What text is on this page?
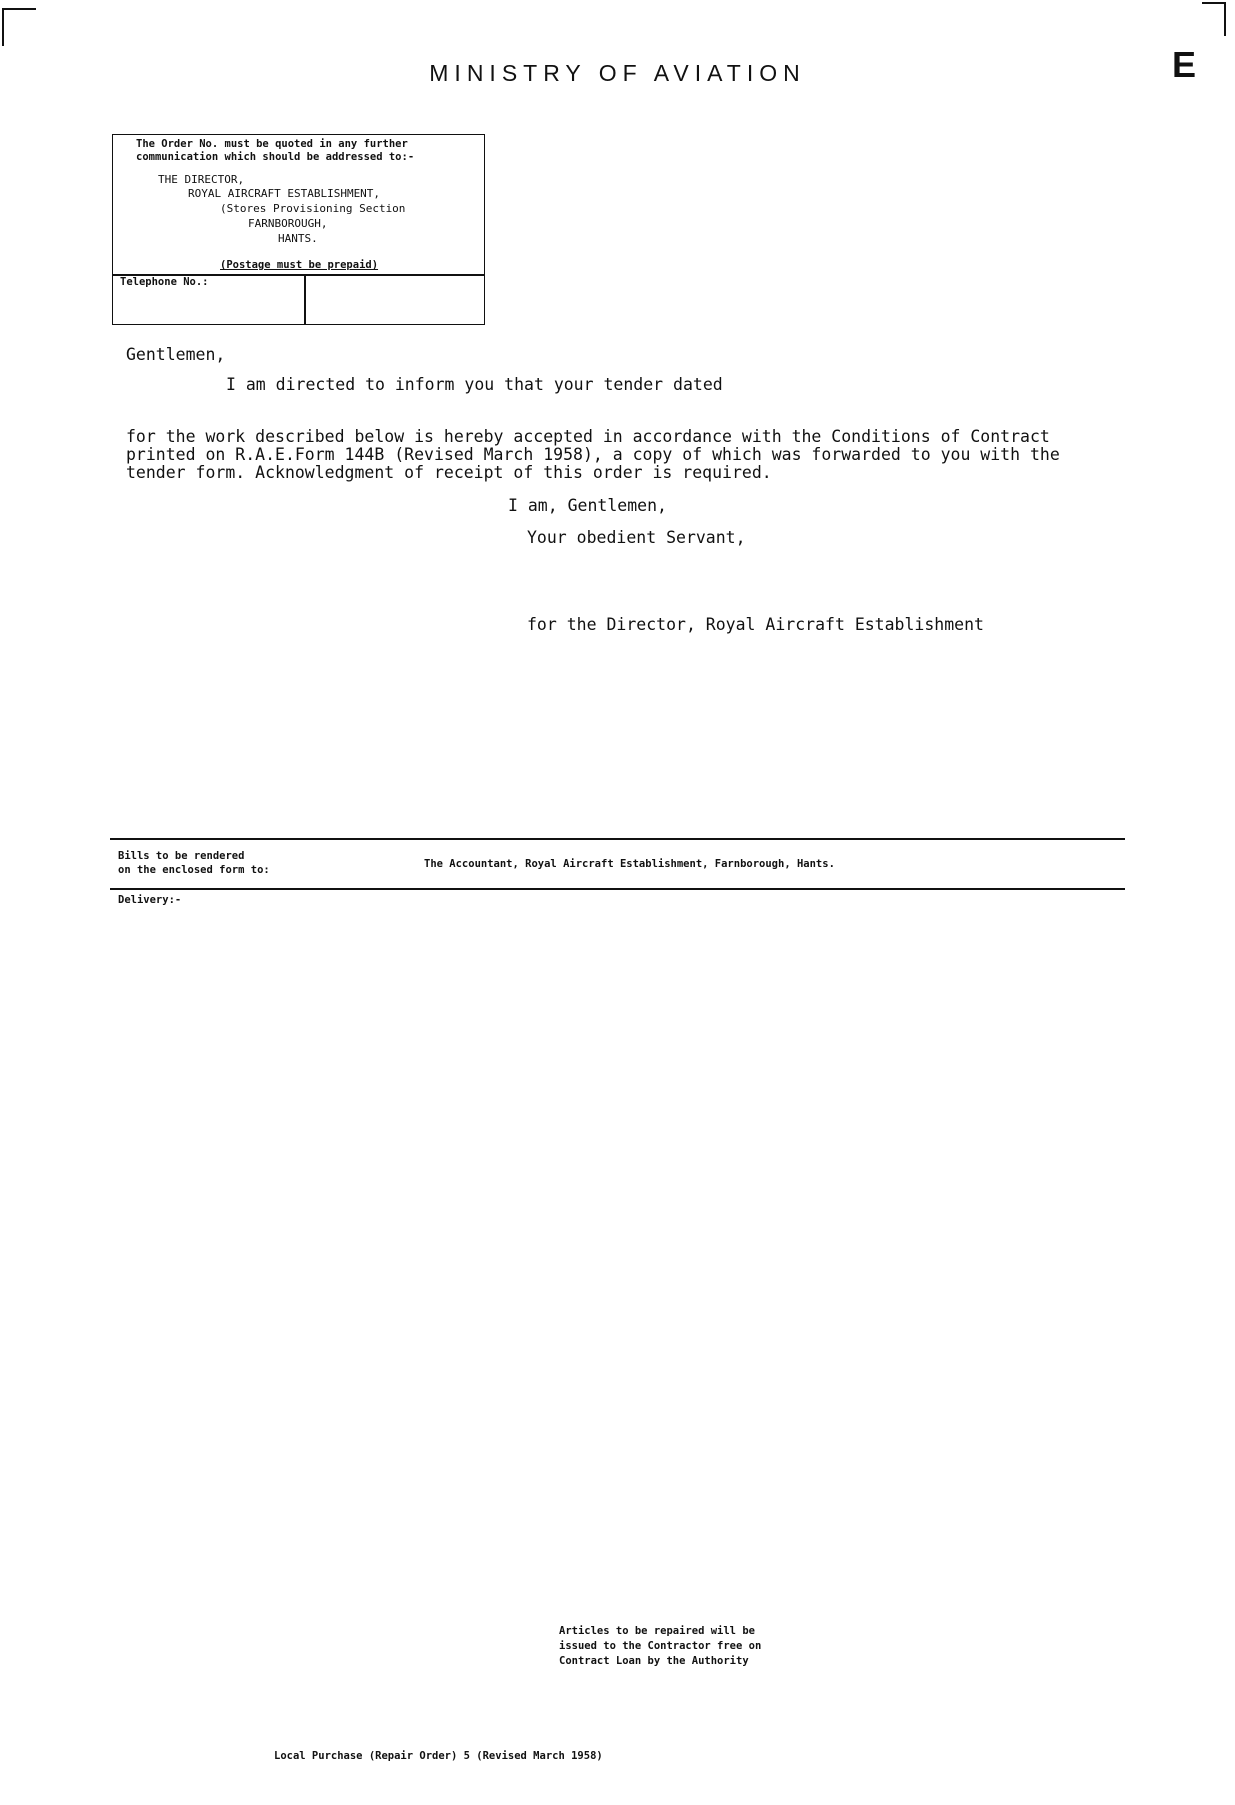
E
MINISTRY OF AVIATION
The Order No. must be quoted in any further
communication which should be addressed to:-
THE DIRECTOR,
ROYAL AIRCRAFT ESTABLISHMENT,
(Stores Provisioning Section
FARNBOROUGH,
HANTS.
(Postage must be prepaid)
Telephone No.:
Gentlemen,
I am directed to inform you that your tender dated
for the work described below is hereby accepted in accordance with the Conditions of Contract
printed on R.A.E.Form 144B (Revised March 1958), a copy of which was forwarded to you with the
tender form. Acknowledgment of receipt of this order is required.
I am, Gentlemen,
Your obedient Servant,
for the Director, Royal Aircraft Establishment
Bills to be rendered
on the enclosed form to:	The Accountant, Royal Aircraft Establishment, Farnborough, Hants.
Delivery:-
Articles to be repaired will be
issued to the Contractor free on
Contract Loan by the Authority
Local Purchase (Repair Order) 5 (Revised March 1958)
